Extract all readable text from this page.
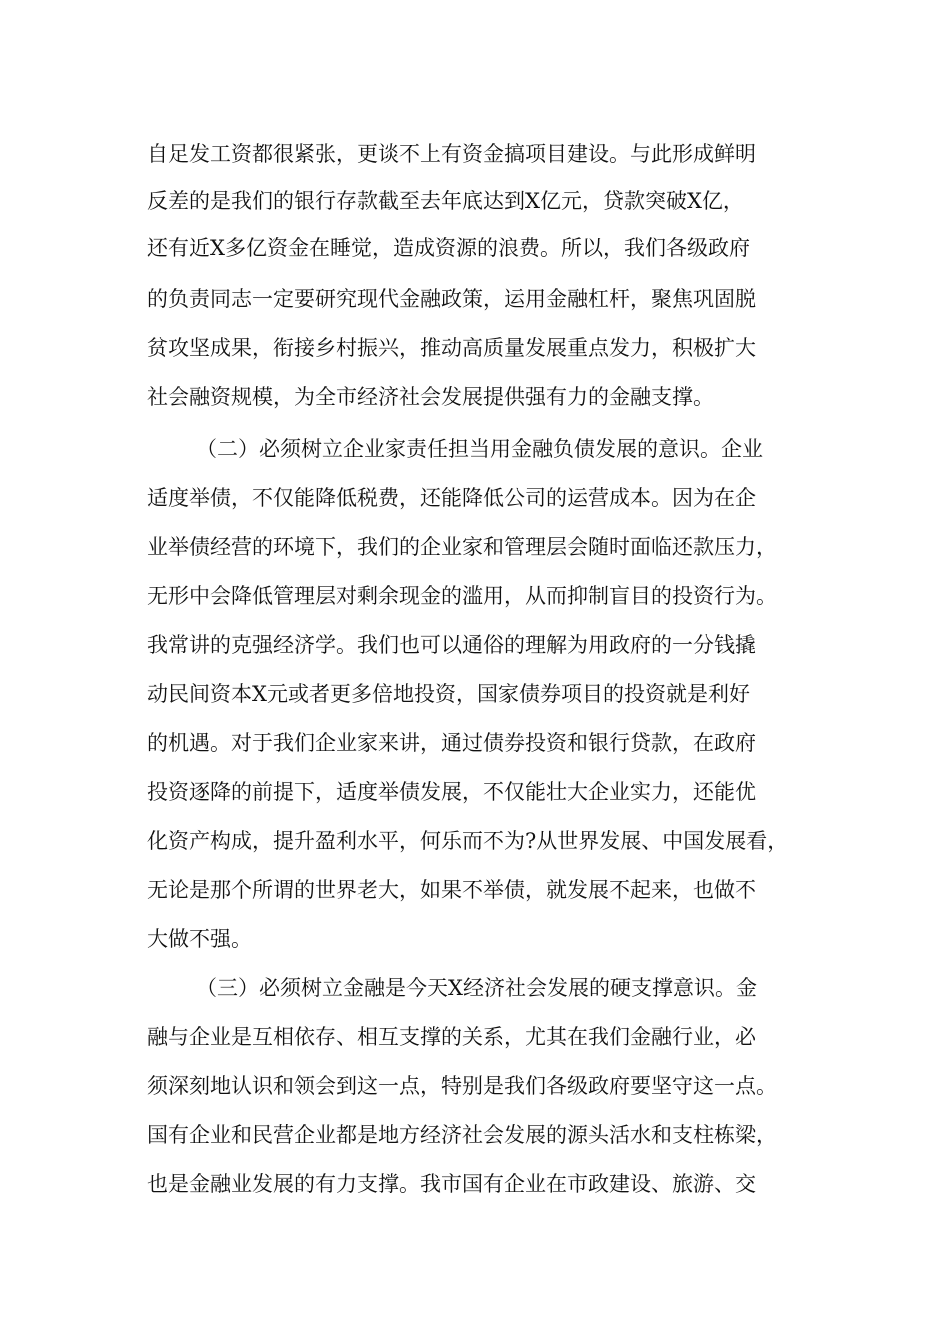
自足发工资都很紧张，更谈不上有资金搞项目建设。与此形成鲜明
反差的是我们的银行存款截至去年底达到X亿元，贷款突破X亿，
还有近X多亿资金在睡觉，造成资源的浪费。所以，我们各级政府
的负责同志一定要研究现代金融政策，运用金融杠杆，聚焦巩固脱
贫攻坚成果，衔接乡村振兴，推动高质量发展重点发力，积极扩大
社会融资规模，为全市经济社会发展提供强有力的金融支撑。
（二）必须树立企业家责任担当用金融负债发展的意识。企业
适度举债，不仅能降低税费，还能降低公司的运营成本。因为在企
业举债经营的环境下，我们的企业家和管理层会随时面临还款压力，
无形中会降低管理层对剩余现金的滥用，从而抑制盲目的投资行为。
我常讲的克强经济学。我们也可以通俗的理解为用政府的一分钱撬
动民间资本X元或者更多倍地投资，国家债券项目的投资就是利好
的机遇。对于我们企业家来讲，通过债券投资和银行贷款，在政府
投资逐降的前提下，适度举债发展，不仅能壮大企业实力，还能优
化资产构成，提升盈利水平，何乐而不为?从世界发展、中国发展看，
无论是那个所谓的世界老大，如果不举债，就发展不起来，也做不
大做不强。
（三）必须树立金融是今天X经济社会发展的硬支撑意识。金
融与企业是互相依存、相互支撑的关系，尤其在我们金融行业，必
须深刻地认识和领会到这一点，特别是我们各级政府要坚守这一点。
国有企业和民营企业都是地方经济社会发展的源头活水和支柱栋梁，
也是金融业发展的有力支撑。我市国有企业在市政建设、旅游、交
